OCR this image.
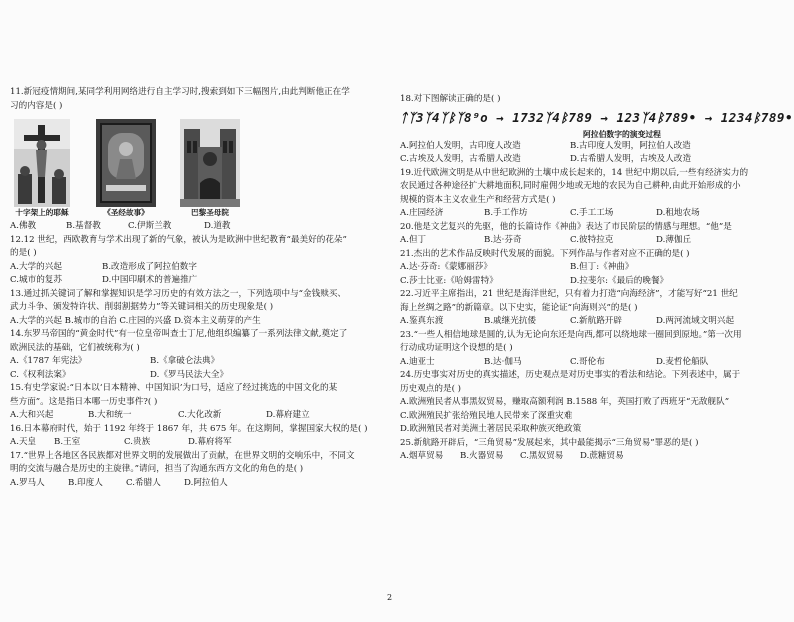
11.新冠疫情期间,某同学利用网络进行自主学习时,搜索到如下三幅图片,由此判断他正在学
习的内容是( )
十字架上的耶稣	《圣经故事》	巴黎圣母院
A.佛教	B.基督教	C.伊斯兰教	D.道教
12.12 世纪，西欧教育与学术出现了新的气象，被认为是欧洲中世纪教育“最美好的花朵”
的是( )
A.大学的兴起	B.改造形成了阿拉伯数字
C.城市的复苏	D.中国印刷术的普遍推广
13.通过抓关键词了解和掌握知识是学习历史的有效方法之一，下列选项中与“金钱赎买、
武力斗争、颁发特许状、削弱割据势力”等关键词相关的历史现象是( )
A.大学的兴起 B.城市的自治 C.庄园的兴盛 D.资本主义萌芽的产生
14.东罗马帝国的“黄金时代”有一位皇帝叫查士丁尼,他组织编纂了一系列法律文献,奠定了
欧洲民法的基础，它们被统称为( )
A.《1787 年宪法》	B.《拿破仑法典》
C.《权利法案》	D.《罗马民法大全》
15.有史学家说:“日本以‘日本精神、中国知识’为口号，适应了经过挑选的中国文化的某
些方面”。这是指日本哪一历史事件?( )
A.大和兴起	B.大和统一	C.大化改新	D.幕府建立
16.日本幕府时代，始于 1192 年终于 1867 年，共 675 年。在这期间，掌握国家大权的是( )
A.天皇	B.王室	C.贵族	D.幕府将军
17.“世界上各地区各民族都对世界文明的发展做出了贡献，在世界文明的交响乐中，不同文
明的交流与融合是历史的主旋律。”请问，担当了沟通东西方文化的角色的是( )
A.罗马人	B.印度人	C.希腊人	D.阿拉伯人
18.对下图解读正确的是( )
ᛏᛉ3ᛉ4ᛉᛒᛉ8⁹o → 1732ᛉ4ᛒ789 → 123ᛉ4ᛒ789• → 1234ᛒ789•
阿拉伯数字的演变过程
A.阿拉伯人发明，古印度人改造	B.古印度人发明，阿拉伯人改造
C.古埃及人发明，古希腊人改造	D.古希腊人发明，古埃及人改造
19.近代欧洲文明是从中世纪欧洲的土壤中成长起来的，14 世纪中期以后,一些有经济实力的
农民通过各种途径扩大耕地面积,同时雇佣少地或无地的农民为自己耕种,由此开始形成的小
规模的资本主义农业生产和经营方式是( )
A.庄园经济	B.手工作坊	C.手工工场	D.租地农场
20.他是文艺复兴的先驱，他的长篇诗作《神曲》表达了市民阶层的情感与理想。“他”是
A.但丁	B.达·芬奇	C.彼特拉克	D.薄伽丘
21.杰出的艺术作品反映时代发展的面貌。下列作品与作者对应不正确的是( )
A.达·芬奇:《蒙娜丽莎》	B.但丁:《神曲》
C.莎士比亚:《哈姆雷特》	D.拉斐尔:《最后的晚餐》
22.习近平主席指出，21 世纪是海洋世纪，只有着力打造“向海经济”，才能写好“21 世纪
海上丝绸之路”的新篇章。以下史实，能论证“向海则兴”的是( )
A.鉴真东渡	B.戚继光抗倭	C.新航路开辟	D.两河流域文明兴起
23.“一些人相信地球是圆的,认为无论向东还是向西,都可以绕地球一圈回到原地。”第一次用
行动成功证明这个设想的是( )
A.迪亚士	B.达·伽马	C.哥伦布	D.麦哲伦船队
24.历史事实对历史的真实描述，历史观点是对历史事实的看法和结论。下列表述中，属于
历史观点的是( )
A.欧洲殖民者从事黑奴贸易，赚取高额利润 B.1588 年，英国打败了西班牙“无敌舰队”
C.欧洲殖民扩张给殖民地人民带来了深重灾难
D.欧洲殖民者对美洲土著居民采取种族灭绝政策
25.新航路开辟后，“三角贸易”发展起来，其中最能揭示“三角贸易”罪恶的是( )
A.烟草贸易	B.火器贸易	C.黑奴贸易	D.蔗糖贸易
2
